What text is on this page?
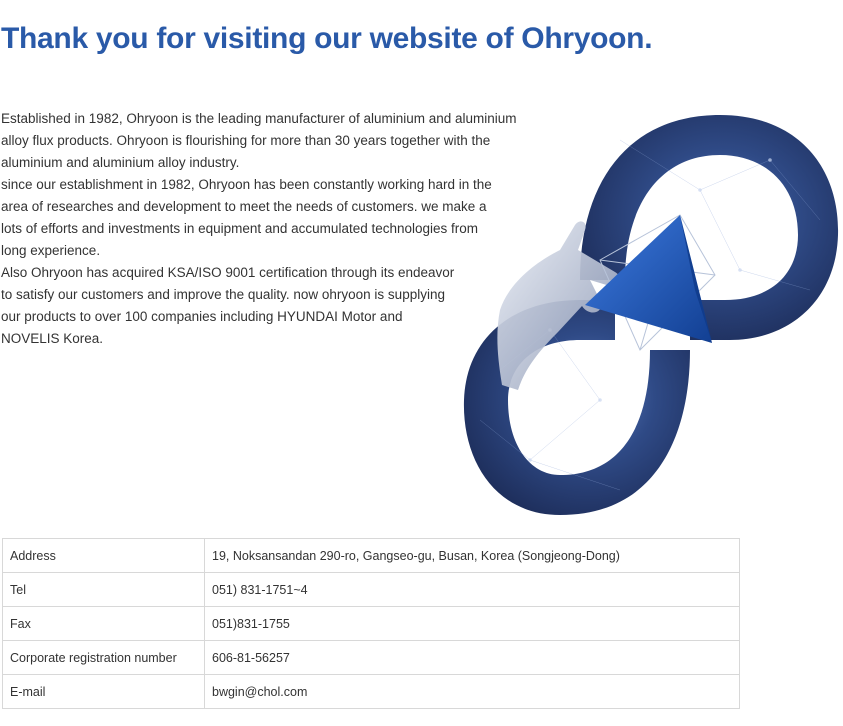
Thank you for visiting our website of Ohryoon.

Established in 1982, Ohryoon is the leading manufacturer of aluminium and aluminium

alloy flux products. Ohryoon is flourishing for more than 30 years together with the

aluminium and aluminium alloy industry.

since our establishment in 1982, Ohryoon has been constantly working hard in the

area of researches and development to meet the needs of customers. we make a

lots of efforts and investments in equipment and accumulated technologies from

long experience.

Also Ohryoon has acquired KSA/ISO 9001 certification through its endeavor

to satisfy our customers and improve the quality. now ohryoon is supplying

our products to over 100 companies including HYUNDAI Motor and

NOVELIS Korea.

Address	19, Noksansandan 290-ro, Gangseo-gu, Busan, Korea (Songjeong-Dong)
Tel	051) 831-1751~4
Fax	051)831-1755
Corporate registration number	606-81-56257
E-mail	bwgin@chol.com
